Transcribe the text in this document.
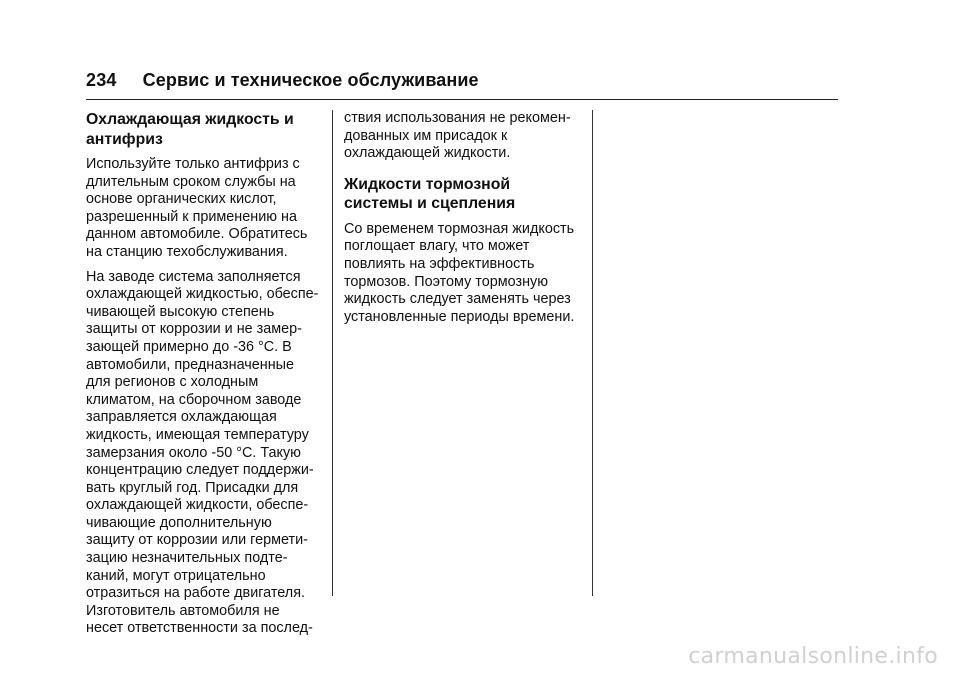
234 Сервис и техническое обслуживание
Охлаждающая жидкость и
антифриз
Используйте только антифриз с
длительным сроком службы на
основе органических кислот,
разрешенный к применению на
данном автомобиле. Обратитесь
на станцию техобслуживания.
На заводе система заполняется
охлаждающей жидкостью, обеспе-
чивающей высокую степень
защиты от коррозии и не замер-
зающей примерно до -36 °C. В
автомобили, предназначенные
для регионов с холодным
климатом, на сборочном заводе
заправляется охлаждающая
жидкость, имеющая температуру
замерзания около -50 °C. Такую
концентрацию следует поддержи-
вать круглый год. Присадки для
охлаждающей жидкости, обеспе-
чивающие дополнительную
защиту от коррозии или гермети-
зацию незначительных подте-
каний, могут отрицательно
отразиться на работе двигателя.
Изготовитель автомобиля не
несет ответственности за послед-
ствия использования не рекомен-
дованных им присадок к
охлаждающей жидкости.
Жидкости тормозной
системы и сцепления
Со временем тормозная жидкость
поглощает влагу, что может
повлиять на эффективность
тормозов. Поэтому тормозную
жидкость следует заменять через
установленные периоды времени.
carmanualsonline.info
